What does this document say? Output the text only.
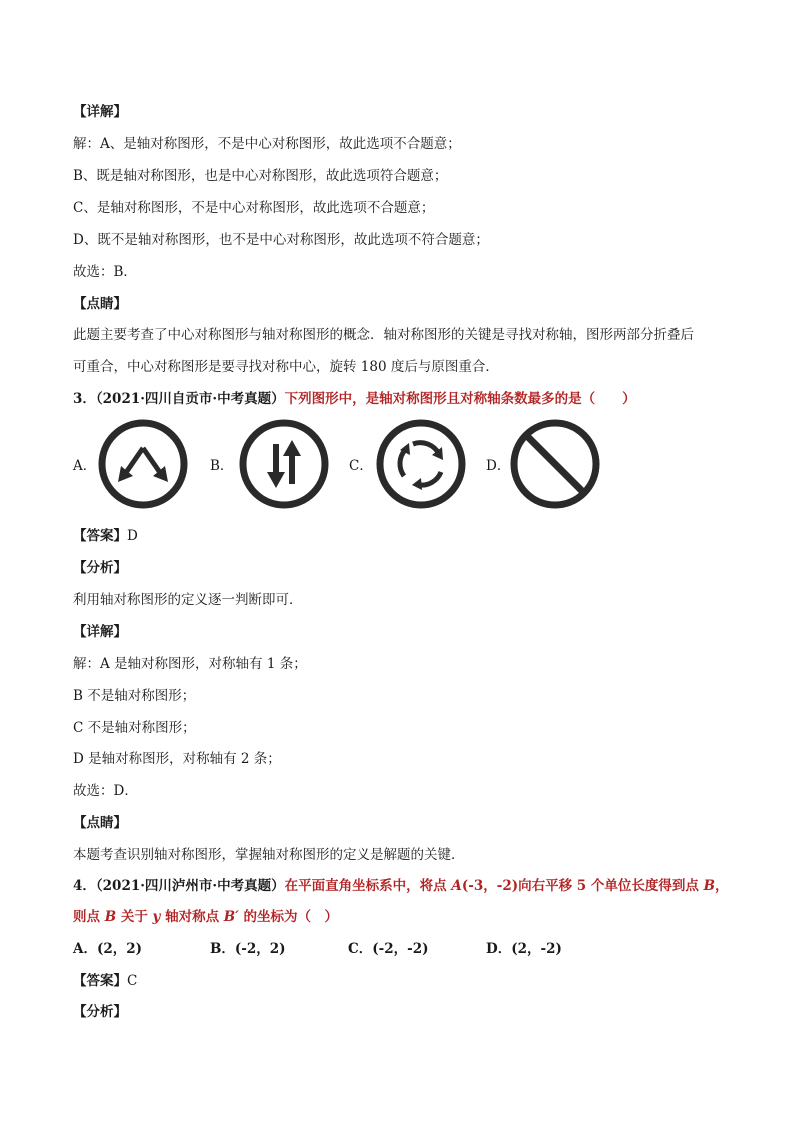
【详解】
解：A、是轴对称图形，不是中心对称图形，故此选项不合题意；
B、既是轴对称图形，也是中心对称图形，故此选项符合题意；
C、是轴对称图形，不是中心对称图形，故此选项不合题意；
D、既不是轴对称图形，也不是中心对称图形，故此选项不符合题意；
故选：B．
【点睛】
此题主要考查了中心对称图形与轴对称图形的概念．轴对称图形的关键是寻找对称轴，图形两部分折叠后
可重合，中心对称图形是要寻找对称中心，旋转 180 度后与原图重合．
3．（2021·四川自贡市·中考真题）下列图形中，是轴对称图形且对称轴条数最多的是（　　）
A．	B．	C．	D．
【答案】D
【分析】
利用轴对称图形的定义逐一判断即可．
【详解】
解：A 是轴对称图形，对称轴有 1 条；
B 不是轴对称图形；
C 不是轴对称图形；
D 是轴对称图形，对称轴有 2 条；
故选：D．
【点睛】
本题考查识别轴对称图形，掌握轴对称图形的定义是解题的关键．
4．（2021·四川泸州市·中考真题）在平面直角坐标系中，将点 A(-3，-2)向右平移 5 个单位长度得到点 B，
则点 B 关于 y 轴对称点 B′ 的坐标为（　）
A．(2，2)	B．(-2，2)	C．(-2，-2)	D．(2，-2)
【答案】C
【分析】
